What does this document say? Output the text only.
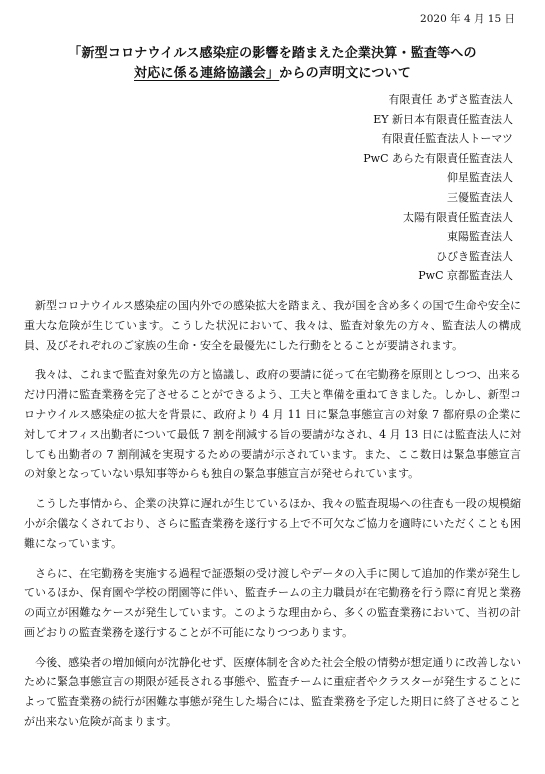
2020 年 4 月 15 日
「新型コロナウイルス感染症の影響を踏まえた企業決算・監査等への
対応に係る連絡協議会」からの声明文について
有限責任 あずさ監査法人
EY 新日本有限責任監査法人
有限責任監査法人トーマツ
PwC あらた有限責任監査法人
仰星監査法人
三優監査法人
太陽有限責任監査法人
東陽監査法人
ひびき監査法人
PwC 京都監査法人

新型コロナウイルス感染症の国内外での感染拡大を踏まえ、我が国を含め多くの国で生命や安全に重大な危険が生じています。こうした状況において、我々は、監査対象先の方々、監査法人の構成員、及びそれぞれのご家族の生命・安全を最優先にした行動をとることが要請されます。

我々は、これまで監査対象先の方と協議し、政府の要請に従って在宅勤務を原則としつつ、出来るだけ円滑に監査業務を完了させることができるよう、工夫と準備を重ねてきました。しかし、新型コロナウイルス感染症の拡大を背景に、政府より 4 月 11 日に緊急事態宣言の対象 7 都府県の企業に対してオフィス出勤者について最低 7 割を削減する旨の要請がなされ、4 月 13 日には監査法人に対しても出勤者の 7 割削減を実現するための要請が示されています。また、ここ数日は緊急事態宣言の対象となっていない県知事等からも独自の緊急事態宣言が発せられています。

こうした事情から、企業の決算に遅れが生じているほか、我々の監査現場への往査も一段の規模縮小が余儀なくされており、さらに監査業務を遂行する上で不可欠なご協力を適時にいただくことも困難になっています。

さらに、在宅勤務を実施する過程で証憑類の受け渡しやデータの入手に関して追加的作業が発生しているほか、保育園や学校の閉園等に伴い、監査チームの主力職員が在宅勤務を行う際に育児と業務の両立が困難なケースが発生しています。このような理由から、多くの監査業務において、当初の計画どおりの監査業務を遂行することが不可能になりつつあります。

今後、感染者の増加傾向が沈静化せず、医療体制を含めた社会全般の情勢が想定通りに改善しないために緊急事態宣言の期限が延長される事態や、監査チームに重症者やクラスターが発生することによって監査業務の続行が困難な事態が発生した場合には、監査業務を予定した期日に終了させることが出来ない危険が高まります。
